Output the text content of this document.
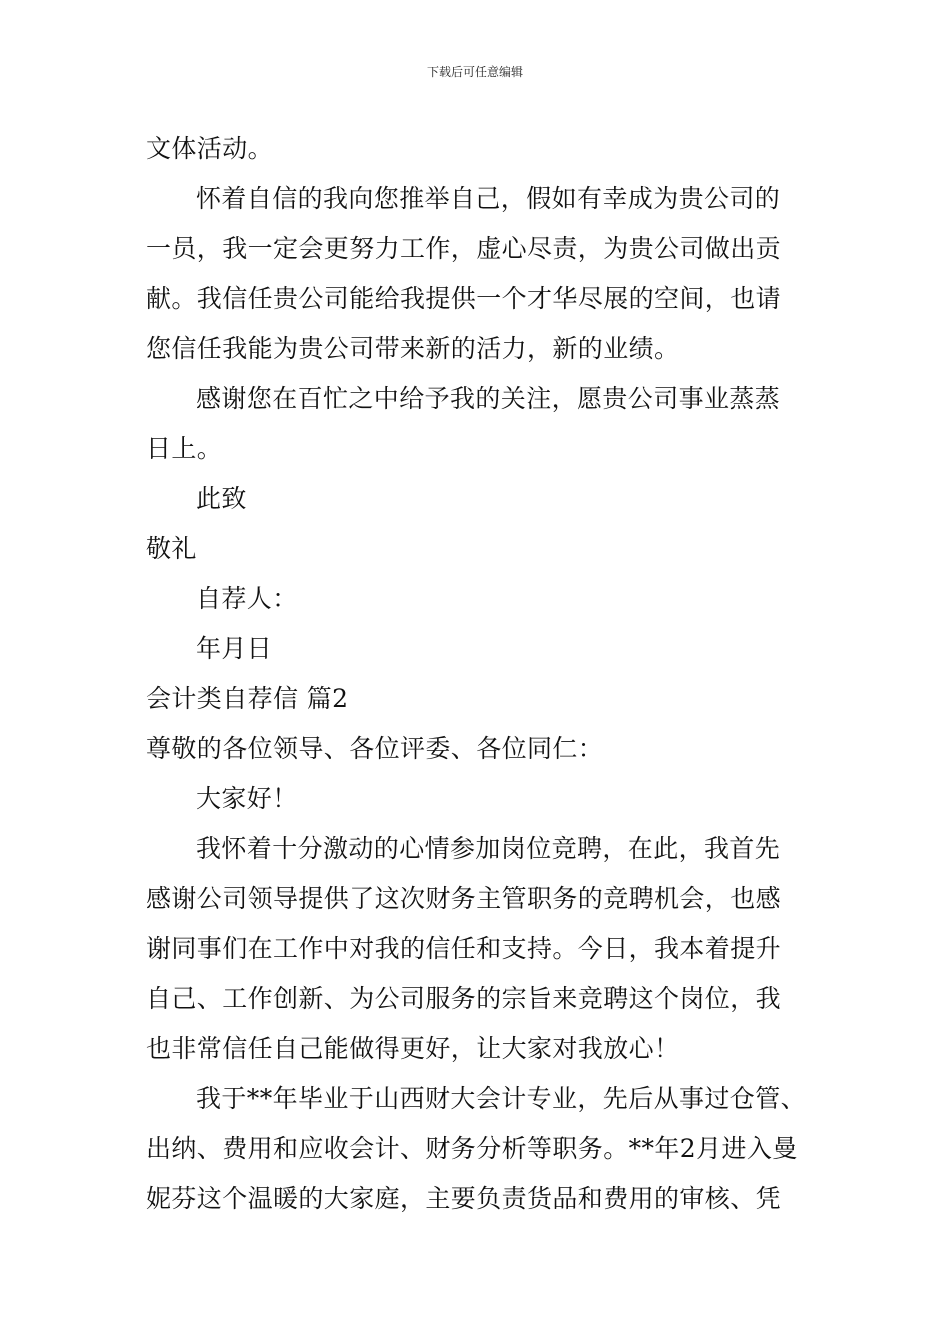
下载后可任意编辑
文体活动。
怀着自信的我向您推举自己，假如有幸成为贵公司的
一员，我一定会更努力工作，虚心尽责，为贵公司做出贡
献。我信任贵公司能给我提供一个才华尽展的空间，也请
您信任我能为贵公司带来新的活力，新的业绩。
感谢您在百忙之中给予我的关注，愿贵公司事业蒸蒸
日上。
此致
敬礼
自荐人：
年月日
会计类自荐信 篇2
尊敬的各位领导、各位评委、各位同仁：
大家好！
我怀着十分激动的心情参加岗位竞聘，在此，我首先
感谢公司领导提供了这次财务主管职务的竞聘机会，也感
谢同事们在工作中对我的信任和支持。今日，我本着提升
自己、工作创新、为公司服务的宗旨来竞聘这个岗位，我
也非常信任自己能做得更好，让大家对我放心！
我于**年毕业于山西财大会计专业，先后从事过仓管、
出纳、费用和应收会计、财务分析等职务。**年2月进入曼
妮芬这个温暖的大家庭，主要负责货品和费用的审核、凭
